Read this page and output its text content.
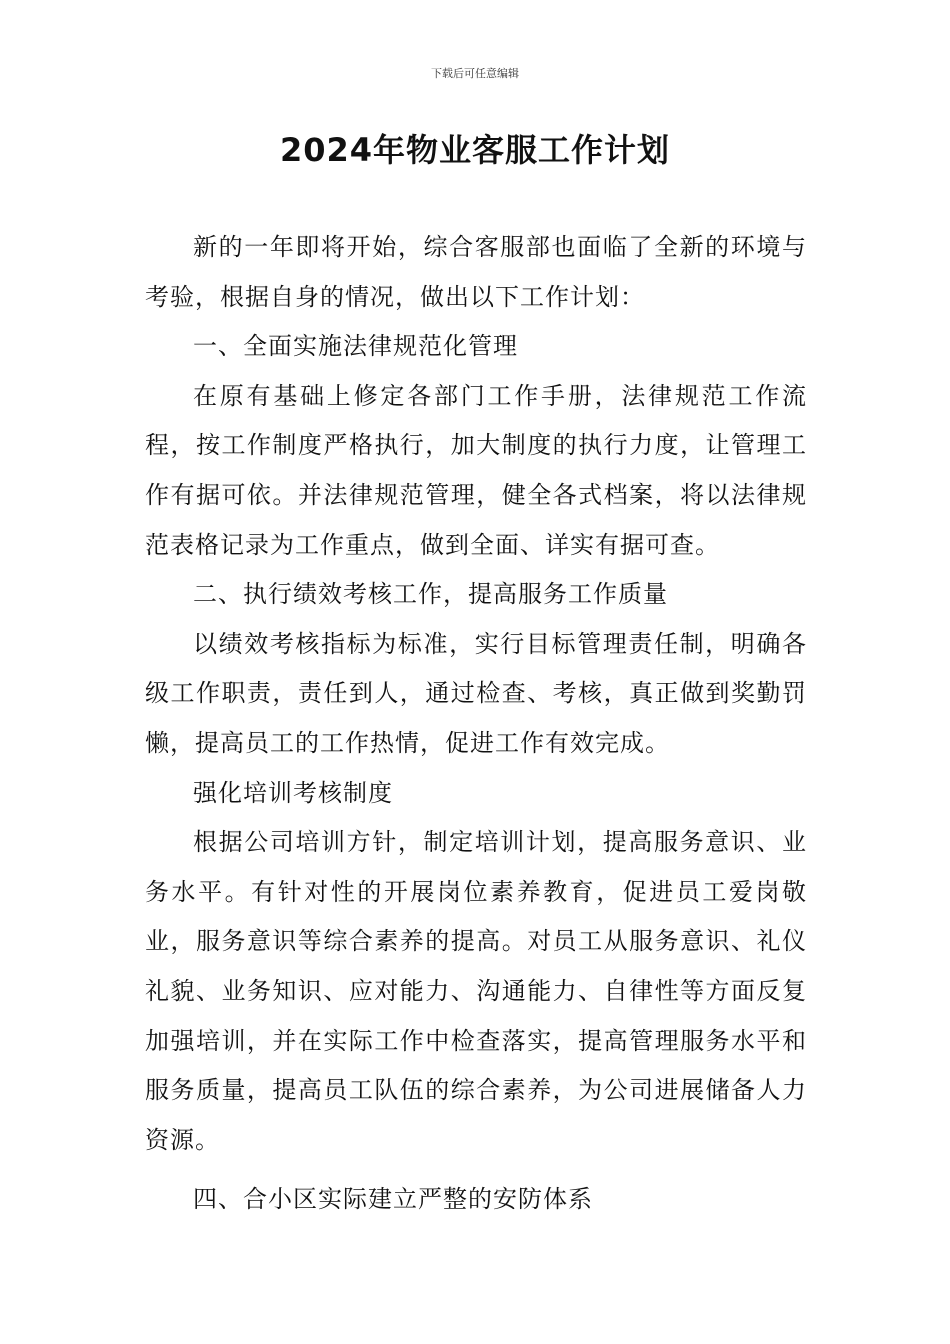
下载后可任意编辑
2024年物业客服工作计划

新的一年即将开始，综合客服部也面临了全新的环境与考验，根据自身的情况，做出以下工作计划：

一、全面实施法律规范化管理

在原有基础上修定各部门工作手册，法律规范工作流程，按工作制度严格执行，加大制度的执行力度，让管理工作有据可依。并法律规范管理，健全各式档案，将以法律规范表格记录为工作重点，做到全面、详实有据可查。

二、执行绩效考核工作，提高服务工作质量

以绩效考核指标为标准，实行目标管理责任制，明确各级工作职责，责任到人，通过检查、考核，真正做到奖勤罚懒，提高员工的工作热情，促进工作有效完成。

强化培训考核制度

根据公司培训方针，制定培训计划，提高服务意识、业务水平。有针对性的开展岗位素养教育，促进员工爱岗敬业，服务意识等综合素养的提高。对员工从服务意识、礼仪礼貌、业务知识、应对能力、沟通能力、自律性等方面反复加强培训，并在实际工作中检查落实，提高管理服务水平和服务质量，提高员工队伍的综合素养，为公司进展储备人力资源。

四、合小区实际建立严整的安防体系
